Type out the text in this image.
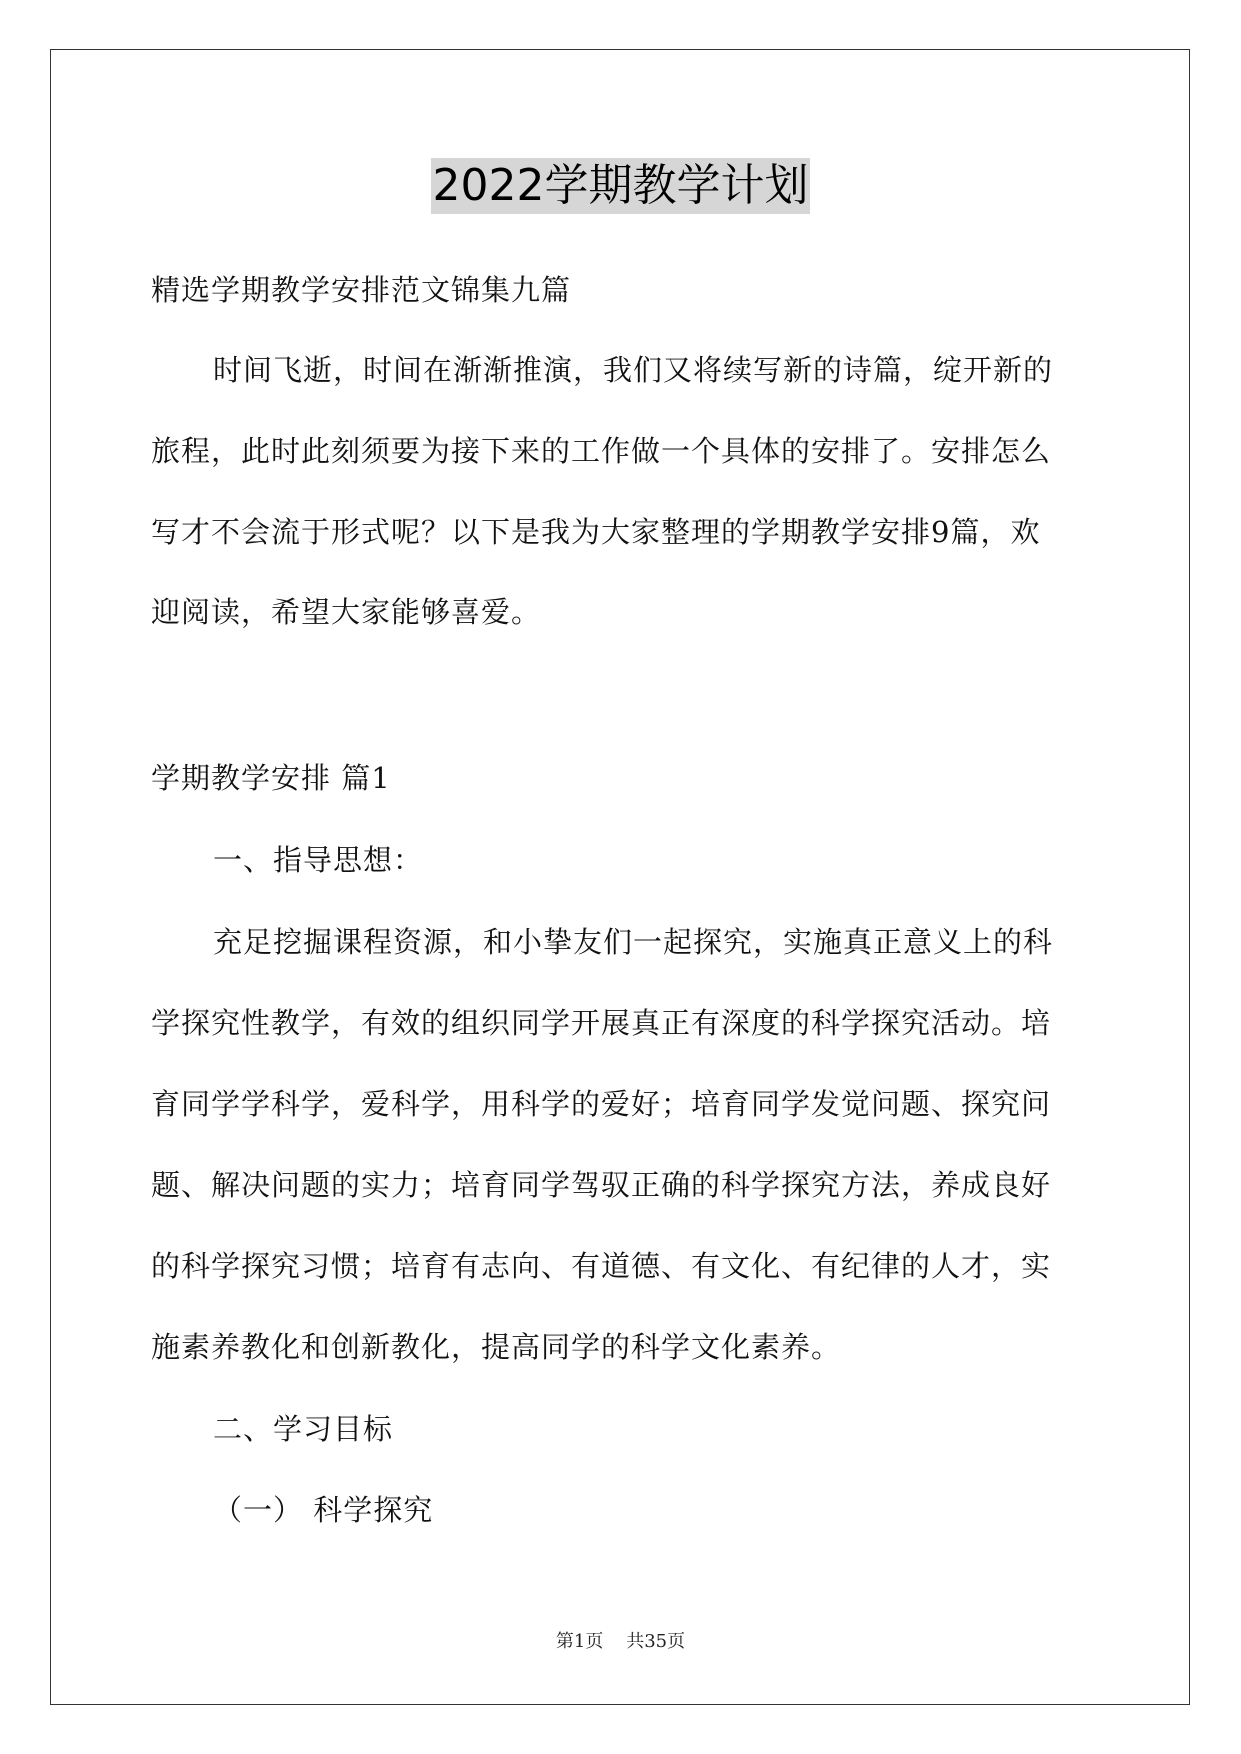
2022学期教学计划
精选学期教学安排范文锦集九篇
时间飞逝，时间在渐渐推演，我们又将续写新的诗篇，绽开新的
旅程，此时此刻须要为接下来的工作做一个具体的安排了。安排怎么
写才不会流于形式呢？以下是我为大家整理的学期教学安排9篇，欢
迎阅读，希望大家能够喜爱。
学期教学安排 篇1
一、指导思想：
充足挖掘课程资源，和小挚友们一起探究，实施真正意义上的科
学探究性教学，有效的组织同学开展真正有深度的科学探究活动。培
育同学学科学，爱科学，用科学的爱好；培育同学发觉问题、探究问
题、解决问题的实力；培育同学驾驭正确的科学探究方法，养成良好
的科学探究习惯；培育有志向、有道德、有文化、有纪律的人才，实
施素养教化和创新教化，提高同学的科学文化素养。
二、学习目标
（一） 科学探究
第1页    共35页
